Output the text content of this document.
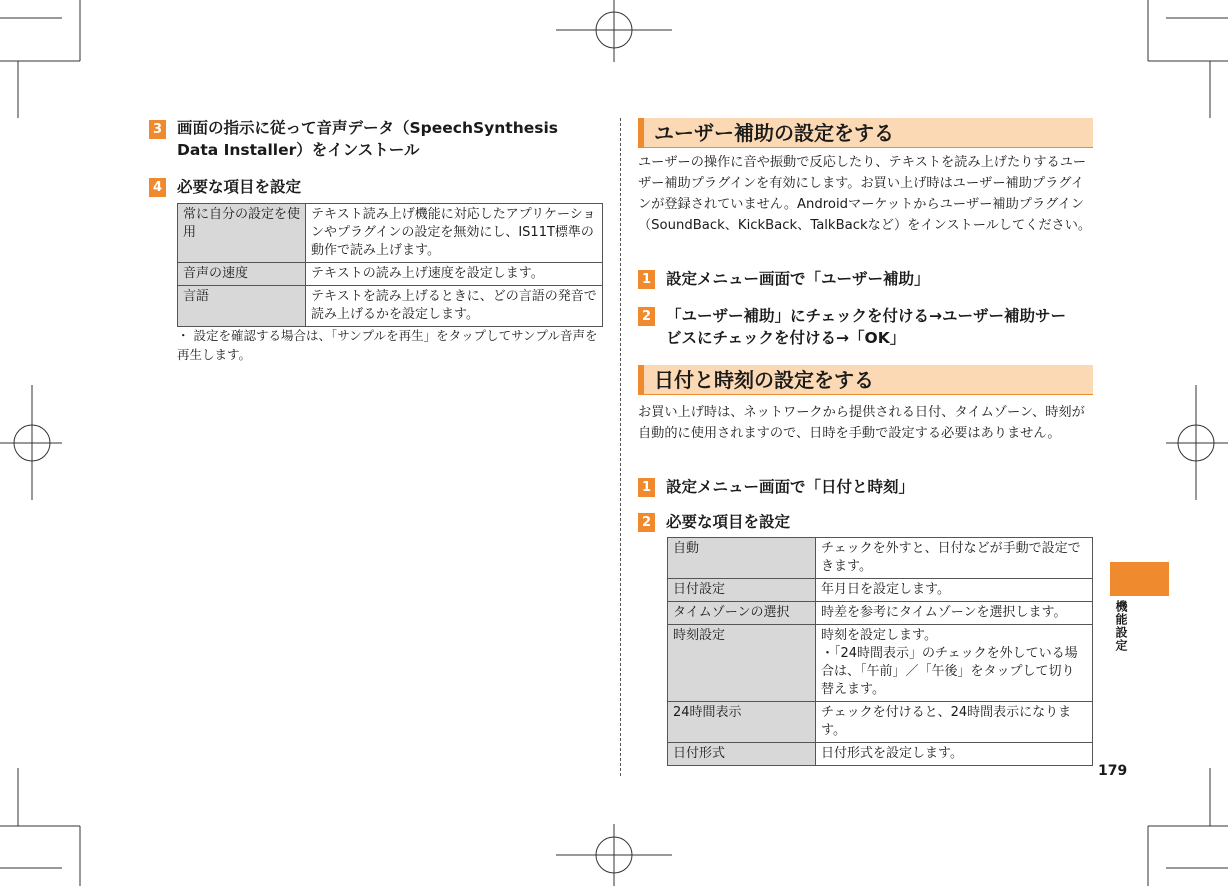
3 画面の指示に従って音声データ（SpeechSynthesis
Data Installer）をインストール
4 必要な項目を設定
常に自分の設定を使用	テキスト読み上げ機能に対応したアプリケーションやプラグインの設定を無効にし、IS11T標準の動作で読み上げます。
音声の速度	テキストの読み上げ速度を設定します。
言語	テキストを読み上げるときに、どの言語の発音で読み上げるかを設定します。
・ 設定を確認する場合は、「サンプルを再生」をタップしてサンプル音声を再生します。
ユーザー補助の設定をする
ユーザーの操作に音や振動で反応したり、テキストを読み上げたりするユーザー補助プラグインを有効にします。お買い上げ時はユーザー補助プラグインが登録されていません。Androidマーケットからユーザー補助プラグイン（SoundBack、KickBack、TalkBackなど）をインストールしてください。
1 設定メニュー画面で「ユーザー補助」
2 「ユーザー補助」にチェックを付ける→ユーザー補助サー
ビスにチェックを付ける→「OK」
日付と時刻の設定をする
お買い上げ時は、ネットワークから提供される日付、タイムゾーン、時刻が自動的に使用されますので、日時を手動で設定する必要はありません。
1 設定メニュー画面で「日付と時刻」
2 必要な項目を設定
自動	チェックを外すと、日付などが手動で設定できます。
日付設定	年月日を設定します。
タイムゾーンの選択	時差を参考にタイムゾーンを選択します。
時刻設定	時刻を設定します。
・「24時間表示」のチェックを外している場合は、「午前」／「午後」をタップして切り替えます。

24時間表示	チェックを付けると、24時間表示になります。
日付形式	日付形式を設定します。
機能設定
179
